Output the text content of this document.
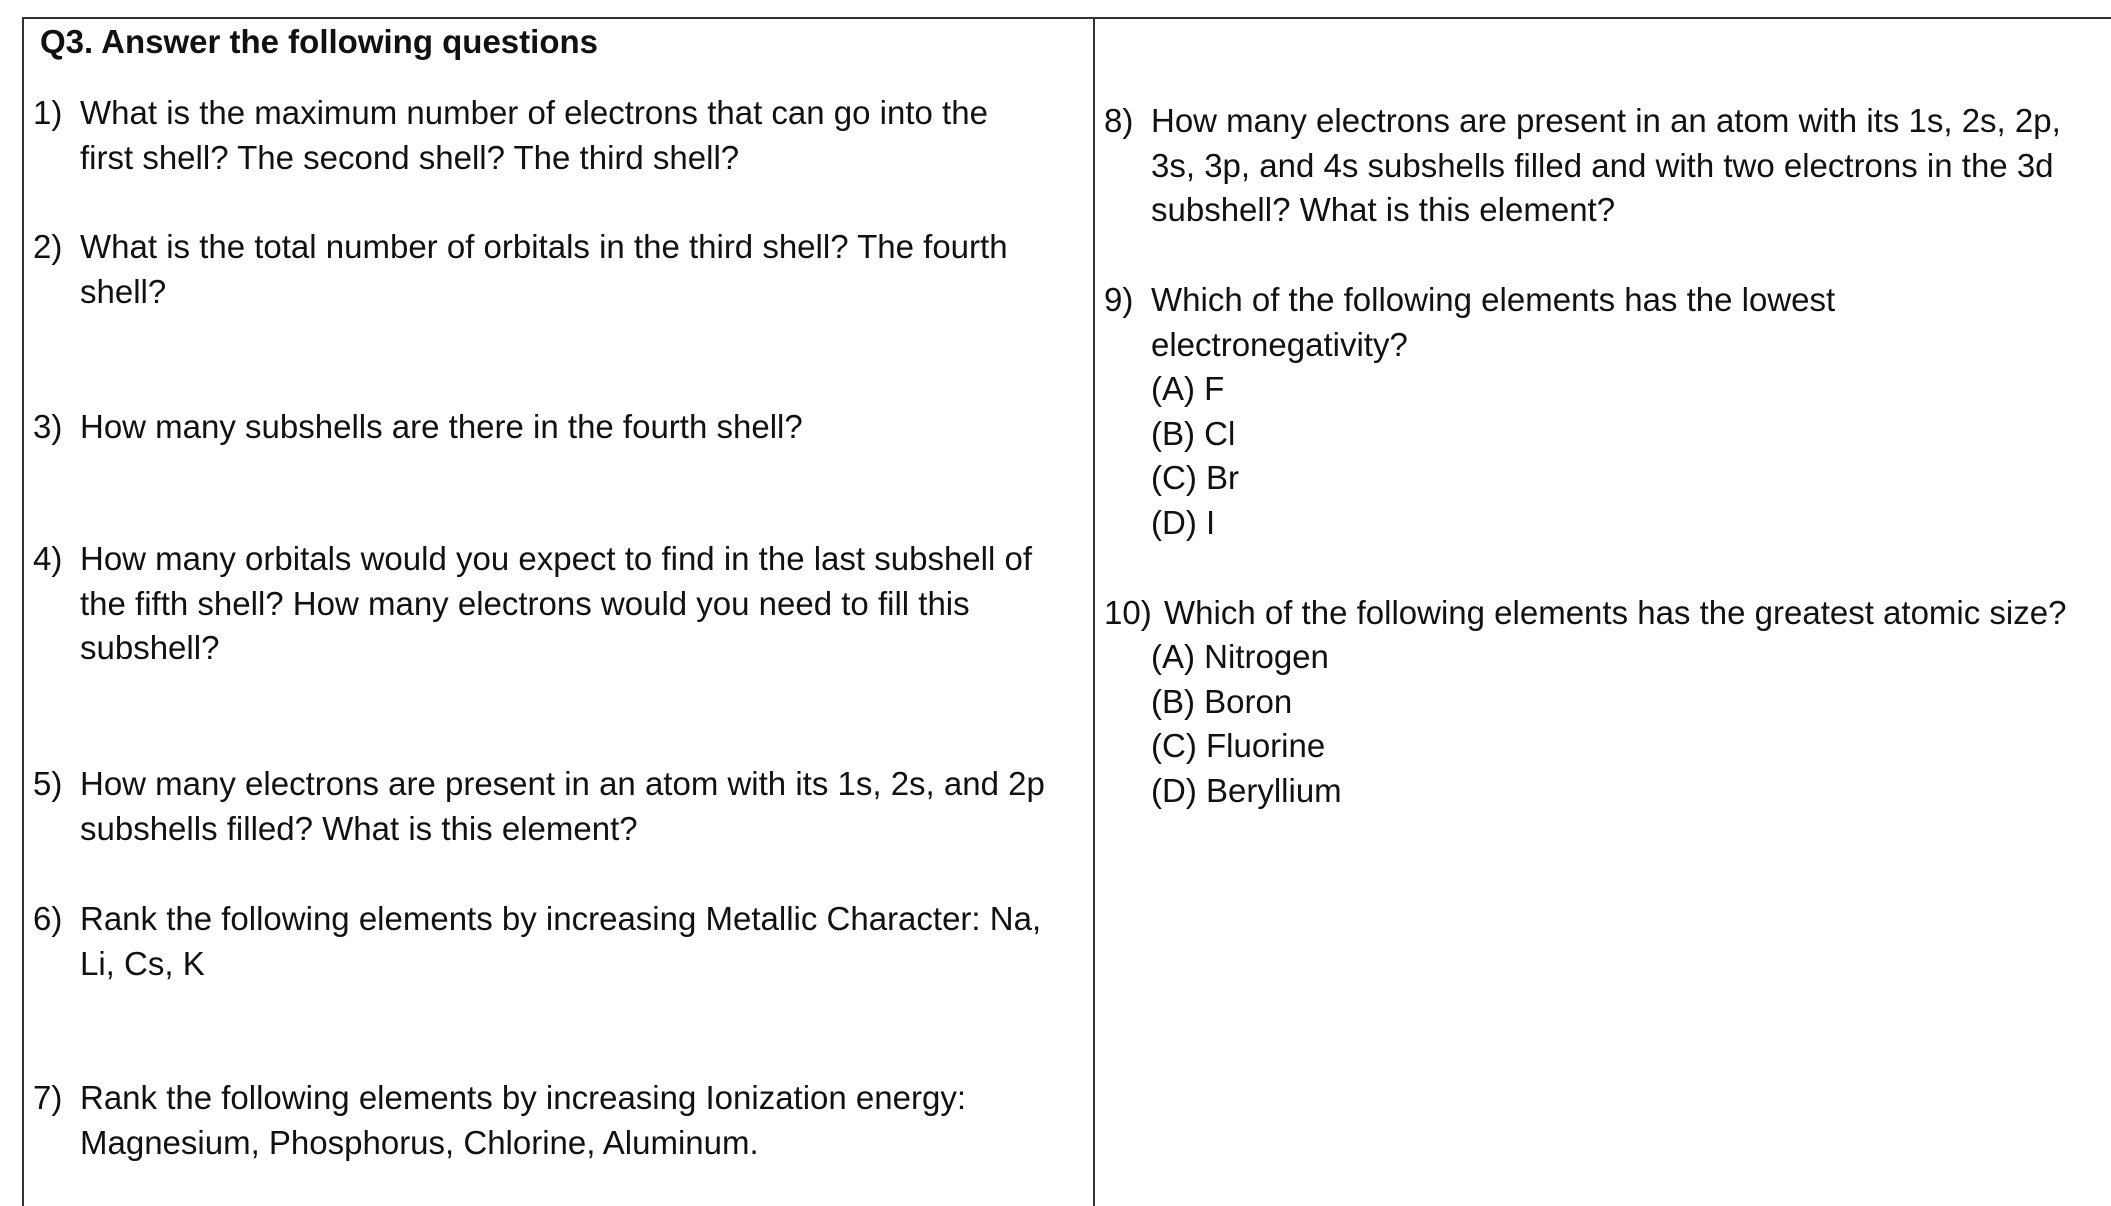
Q3. Answer the following questions
1) What is the maximum number of electrons that can go into the
first shell? The second shell? The third shell?
2) What is the total number of orbitals in the third shell? The fourth
shell?
3) How many subshells are there in the fourth shell?
4) How many orbitals would you expect to find in the last subshell of
the fifth shell? How many electrons would you need to fill this
subshell?
5) How many electrons are present in an atom with its 1s, 2s, and 2p
subshells filled? What is this element?
6) Rank the following elements by increasing Metallic Character: Na,
Li, Cs, K
7) Rank the following elements by increasing Ionization energy:
Magnesium, Phosphorus, Chlorine, Aluminum.
8) How many electrons are present in an atom with its 1s, 2s, 2p,
3s, 3p, and 4s subshells filled and with two electrons in the 3d
subshell? What is this element?
9) Which of the following elements has the lowest
electronegativity?
(A) F
(B) Cl
(C) Br
(D) I
10) Which of the following elements has the greatest atomic size?
(A) Nitrogen
(B) Boron
(C) Fluorine
(D) Beryllium
